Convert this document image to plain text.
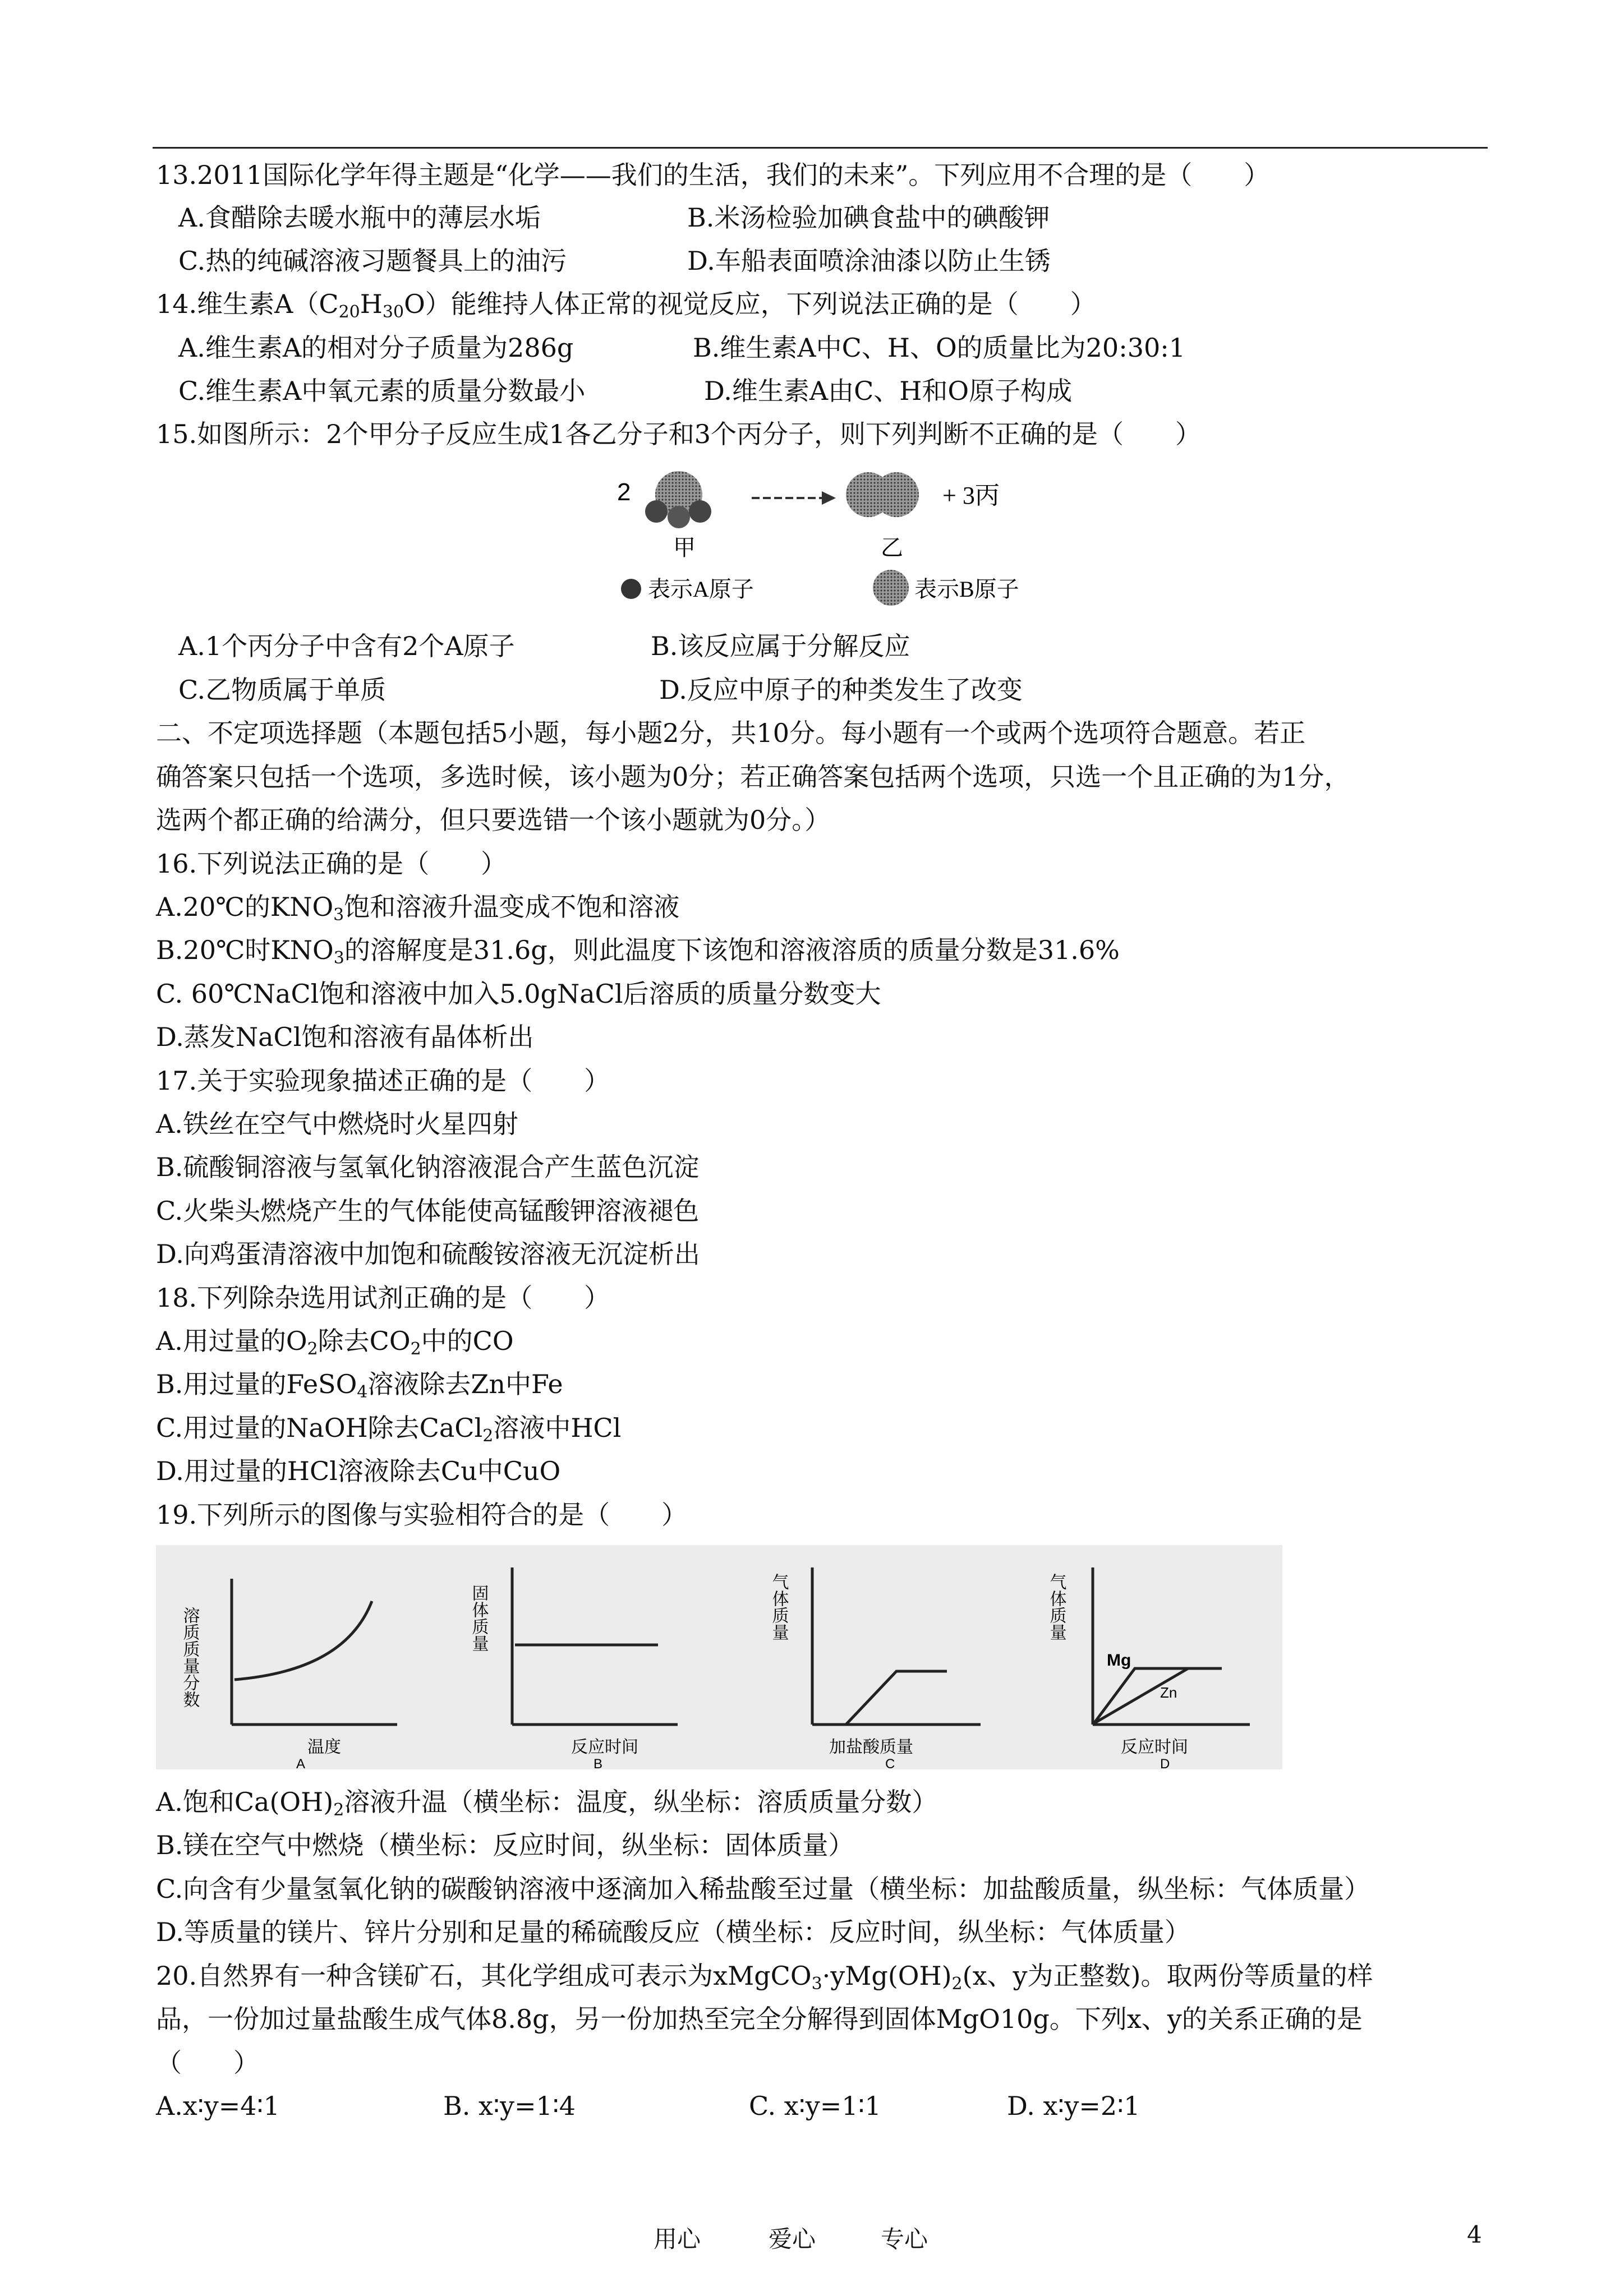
13.2011国际化学年得主题是“化学——我们的生活，我们的未来”。下列应用不合理的是（　　）
A.食醋除去暖水瓶中的薄层水垢	B.米汤检验加碘食盐中的碘酸钾
C.热的纯碱溶液习题餐具上的油污	D.车船表面喷涂油漆以防止生锈
14.维生素$A(C_{20}H_{30}O)$能维持人体正常的视觉反应，下列说法正确的是（　　）
A.维生素A的相对分子质量为286g	B.维生素A中C、H、O的质量比为20:30:1
C.维生素A中氧元素的质量分数最小	D.维生素A由C、H和O原子构成
15.如图所示：2个甲分子反应生成1各乙分子和3个丙分子，则下列判断不正确的是（　　）
2	+ 3丙
甲	乙
表示A原子	表示B原子
A.1个丙分子中含有2个A原子	B.该反应属于分解反应
C.乙物质属于单质	D.反应中原子的种类发生了改变
二、不定项选择题（本题包括5小题，每小题2分，共10分。每小题有一个或两个选项符合题意。若正
确答案只包括一个选项，多选时候，该小题为0分；若正确答案包括两个选项，只选一个且正确的为1分，
选两个都正确的给满分，但只要选错一个该小题就为0分。）
16.下列说法正确的是（　　）
A.20℃的$KNO_3$饱和溶液升温变成不饱和溶液
B.20℃时$KNO_3$的溶解度是31.6g，则此温度下该饱和溶液溶质的质量分数是31.6%
C. 60℃NaCl饱和溶液中加入5.0gNaCl后溶质的质量分数变大
D.蒸发NaCl饱和溶液有晶体析出
17.关于实验现象描述正确的是（　　）
A.铁丝在空气中燃烧时火星四射
B.硫酸铜溶液与氢氧化钠溶液混合产生蓝色沉淀
C.火柴头燃烧产生的气体能使高锰酸钾溶液褪色
D.向鸡蛋清溶液中加饱和硫酸铵溶液无沉淀析出
18.下列除杂选用试剂正确的是（　　）
A.用过量的$O_2$除去$CO_2$中的CO
B.用过量的FeSO$_4$溶液除去Zn中Fe
C.用过量的NaOH除去CaCl$_2$溶液中HCl
D.用过量的HCl溶液除去Cu中CuO
19.下列所示的图像与实验相符合的是（　　）
溶质质量分数
温度
A
固体质量
反应时间
B
气体质量
加盐酸质量
C
气体质量
Mg
Zn
反应时间
D
A.饱和$Ca(OH)_2$溶液升温（横坐标：温度，纵坐标：溶质质量分数）
B.镁在空气中燃烧（横坐标：反应时间，纵坐标：固体质量）
C.向含有少量氢氧化钠的碳酸钠溶液中逐滴加入稀盐酸至过量（横坐标：加盐酸质量，纵坐标：气体质量）
D.等质量的镁片、锌片分别和足量的稀硫酸反应（横坐标：反应时间，纵坐标：气体质量）
20.自然界有一种含镁矿石，其化学组成可表示为$xMgCO_3\cdot yMg(OH)_2(x$、y为正整数)。取两份等质量的样
品，一份加过量盐酸生成气体8.8g，另一份加热至完全分解得到固体MgO10g。下列x、y的关系正确的是
（　　）
A.x∶y=4∶1	B. x∶y=1∶4	C. x∶y=1∶1	D. x∶y=2∶1
用心	爱心	专心	4
